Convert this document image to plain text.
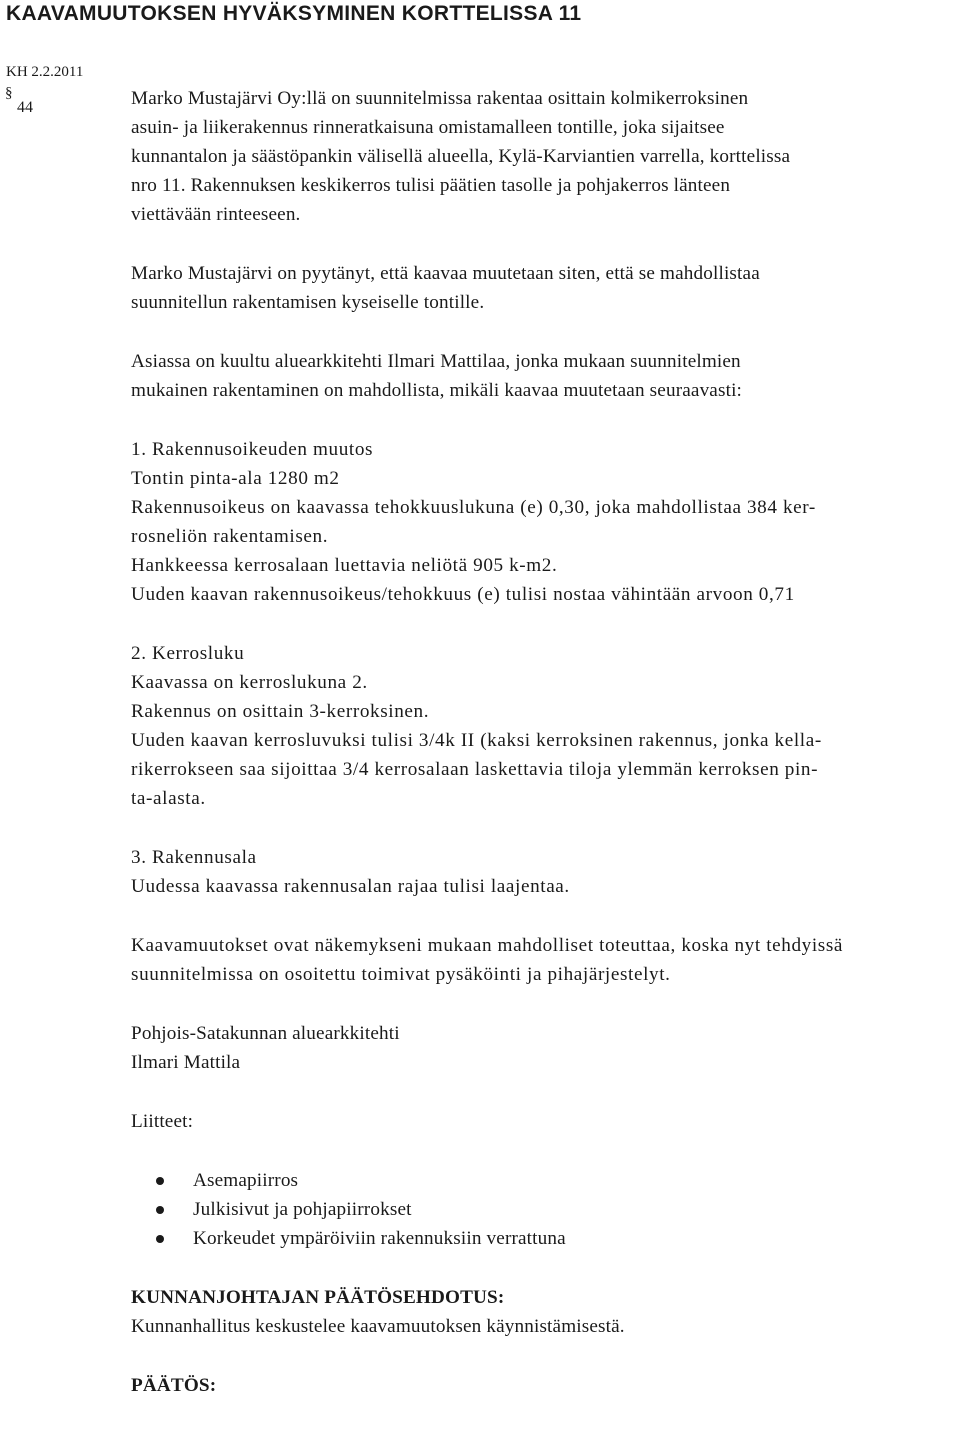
KAAVAMUUTOKSEN HYVÄKSYMINEN KORTTELISSA 11
KH 2.2.2011
§
44	Marko Mustajärvi Oy:llä on suunnitelmissa rakentaa osittain kolmikerroksinen
asuin- ja liikerakennus rinneratkaisuna omistamalleen tontille, joka sijaitsee
kunnantalon ja säästöpankin välisellä alueella, Kylä-Karviantien varrella, korttelissa
nro 11. Rakennuksen keskikerros tulisi päätien tasolle ja pohjakerros länteen
viettävään rinteeseen.
Marko Mustajärvi on pyytänyt, että kaavaa muutetaan siten, että se mahdollistaa
suunnitellun rakentamisen kyseiselle tontille.
Asiassa on kuultu aluearkkitehti Ilmari Mattilaa, jonka mukaan suunnitelmien
mukainen rakentaminen on mahdollista, mikäli kaavaa muutetaan seuraavasti:
1. Rakennusoikeuden muutos
Tontin pinta-ala 1280 m2
Rakennusoikeus on kaavassa tehokkuuslukuna (e) 0,30, joka mahdollistaa 384 ker-
rosneliön rakentamisen.
Hankkeessa kerrosalaan luettavia neliötä 905 k-m2.
Uuden kaavan rakennusoikeus/tehokkuus (e) tulisi nostaa vähintään arvoon 0,71
2. Kerrosluku
Kaavassa on kerroslukuna 2.
Rakennus on osittain 3-kerroksinen.
Uuden kaavan kerrosluvuksi tulisi 3/4k II (kaksi kerroksinen rakennus, jonka kella-
rikerrokseen saa sijoittaa 3/4 kerrosalaan laskettavia tiloja ylemmän kerroksen pin-
ta-alasta.
3. Rakennusala
Uudessa kaavassa rakennusalan rajaa tulisi laajentaa.
Kaavamuutokset ovat näkemykseni mukaan mahdolliset toteuttaa, koska nyt tehdyissä
suunnitelmissa on osoitettu toimivat pysäköinti ja pihajärjestelyt.
Pohjois-Satakunnan aluearkkitehti
Ilmari Mattila
Liitteet:
Asemapiirros
Julkisivut ja pohjapiirrokset
Korkeudet ympäröiviin rakennuksiin verrattuna
KUNNANJOHTAJAN PÄÄTÖSEHDOTUS:
Kunnanhallitus keskustelee kaavamuutoksen käynnistämisestä.
PÄÄTÖS:
